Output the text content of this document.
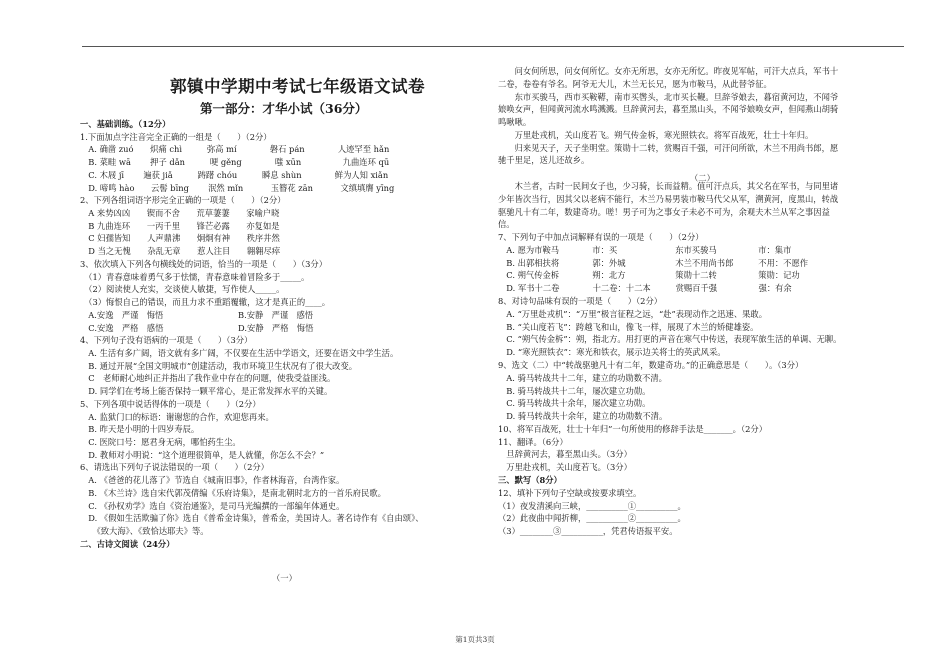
郭镇中学期中考试七年级语文试卷
第一部分：才华小试（36分）
一、基础训练。（12分）
1.下面加点字注音完全正确的一组是（　　）（2分）
　A. 确凿 zuó　　炽痛 chì　　　弥高 mí　　　　磐石 pán　　　　人迹罕至 hǎn
　B. 菜畦 wā　　 押子 dǎn　　　哽 gěng　　　　嗤 xūn　　　　　九曲连环 qū
　C. 木屐 jī　　 遍获 jiǎ　　　踌躇 chóu　　　瞬息 shùn　　　　鲜为人知 xiǎn
　D. 啼鸣 hào　　云髻 bīng　　 泯然 mǐn　　　 玉簪花 zān　　　 文缜填膺 yīng
2、下列各组词语字形完全正确的一项是（　　）（2分）
　A 来势凶凶　　锲而不舍　　荒草萋萋　　家喻户晓
　B 九曲连环　　一丙千里　　锋芒必露　　亦复如是
　C 妇孺皆知　　人声鼎沸　　炯炯有神　　秩序井然
　D 当之无愧　　杂乱无章　　惹人注目　　翱翱尽瘁
3、依次填入下列各句横线处的词语，恰当的一项是（　　）（3分）
　（1）青春意味着勇气多于怯懦，青春意味着冒险多于_____。
　（2）阅读使人充实，交谈使人敏捷，写作使人_____。
　（3）悔恨自己的错误，而且力求不重蹈覆辙，这才是真正的____。
　A.安逸　严谨　悔悟　　　　　　　　　B.安静　严谨　感悟
　C.安逸　严格　感悟　　　　　　　　　D.安静　严格　悔悟
4、下列句子没有语病的一项是（　　）（3分）
　A. 生活有多广阔，语文就有多广阔，不仅要在生活中学语文，还要在语文中学生活。
　B. 通过开展“全国文明城市”创建活动，我市环境卫生状况有了很大改变。
　C　老师耐心地纠正并指出了我作业中存在的问题，使我受益匪浅。
　D. 同学们在考场上能否保持一颗平常心，是正常发挥水平的关键。
5、下列各项中说话得体的一项是（　　）（2分）
　A. 监狱门口的标语：谢谢您的合作，欢迎您再来。
　B. 昨天是小明的十四岁寿辰。
　C. 医院口号：愿君身无病，哪怕药生尘。
　D. 教师对小明说：“这个道理很简单，是人就懂，你怎么不会？”
6、请选出下列句子说法错误的一项（　　）（2分）
　A. 《爸爸的花儿落了》节选自《城南旧事》，作者林海音，台湾作家。
　B. 《木兰诗》选自宋代郭茂倩编《乐府诗集》，是南北朝时北方的一首乐府民歌。
　C. 《孙权劝学》选自《资治通鉴》，是司马光编撰的一部编年体通史。
　D. 《假如生活欺骗了你》选自《普希金诗集》，普希金，美国诗人。著名诗作有《自由颂》、
　　《致大海》、《致恰达耶夫》等。
二、古诗文阅读（24分）
　　问女何所思，问女何所忆。女亦无所思，女亦无所忆。昨夜见军帖，可汗大点兵，军书十
二卷，卷卷有爷名。阿爷无大儿，木兰无长兄，愿为市鞍马，从此替爷征。
　　东市买骏马，西市买鞍鞯，南市买辔头，北市买长鞭。旦辞爷娘去，暮宿黄河边，不闻爷
娘唤女声，但闻黄河流水鸣溅溅。旦辞黄河去，暮至黑山头，不闻爷娘唤女声，但闻燕山胡骑
鸣啾啾。
　　万里赴戎机，关山度若飞。朔气传金柝，寒光照铁衣。将军百战死，壮士十年归。
　　归来见天子，天子坐明堂。策勋十二转，赏赐百千强，可汗问所欲，木兰不用尚书郎，愿
驰千里足，送儿还故乡。
　　木兰者，古时一民间女子也，少习骑，长而益精。值可汗点兵，其父名在军书，与同里诸
少年皆次当行，因其父以老病不能行，木兰乃易男装市鞍马代父从军，溯黄河，度黑山，转战
驱驰凡十有二年，数建奇功。嗟！男子可为之事女子未必不可为，余观夫木兰从军之事因益
信。
7、下列句子中加点词解释有误的一项是（　　）（2分）
　A. 愿为市鞍马　　　　市：买　　　　　　　东市买骏马　　　　　市：集市
　B. 出郭相扶将　　　　郭：外城　　　　　　木兰不用尚书郎　　　不用：不愿作
　C. 朔气传金柝　　　　朔：北方　　　　　　策勋十二转　　　　　策勋：记功
　D. 军书十二卷　　　　十二卷：十二本　　　赏赐百千强　　　　　强：有余
8、对诗句品味有误的一项是（　　）（2分）
　A. “万里赴戎机”：“万里”极言征程之远，“赴”表现动作之迅速、果敢。
　B. “关山度若飞”：跨越飞和山，像飞一样，展现了木兰的矫健雄姿。
　C. “朔气传金柝”：朔，指北方。用打更的声音在寒气中传送，表现军旅生活的单调、无聊。
　D. “寒光照铁衣”：寒光和铁衣，展示边关将士的英武风采。
9、选文（二）中“转战驱驰凡十有二年，数建奇功。”的正确意思是（　　）。（3分）
　A. 骑马转战共十二年，建立的功勋数不清。
　B. 骑马转战共十二年，屡次建立功勋。
　C. 骑马转战共十余年，屡次建立功勋。
　D. 骑马转战共十余年，建立的功勋数不清。
10、将军百战死，壮士十年归”一句所使用的修辞手法是_______。（2分）
11、翻译。（6分）
　旦辞黄河去，暮至黑山头。（3分）
　万里赴戎机，关山度若飞。（3分）
三、默写（8分）
12、填补下列句子空缺或按要求填空。
（1）夜发清溪向三峡，__________①__________。
（2）此夜曲中闻折柳，__________②__________。
（3）________③__________，凭君传语报平安。
（一）
（二）
第1页共3页
